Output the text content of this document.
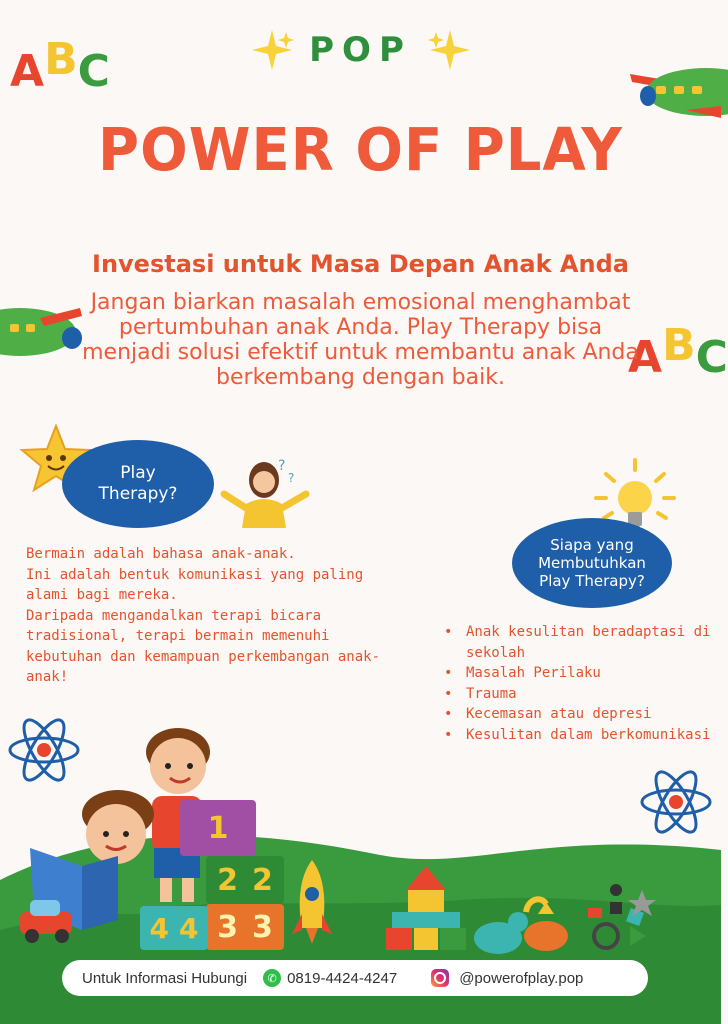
POP
POWER OF PLAY
ABC
ABC
Investasi untuk Masa Depan Anak Anda
Jangan biarkan masalah emosional menghambat pertumbuhan anak Anda. Play Therapy bisa menjadi solusi efektif untuk membantu anak Anda berkembang dengan baik.
Play
Therapy?
?
?
Siapa yang
Membutuhkan
Play Therapy?

Bermain adalah bahasa anak-anak.

Ini adalah bentuk komunikasi yang paling alami bagi mereka.

Daripada mengandalkan terapi bicara tradisional, terapi bermain memenuhi kebutuhan dan kemampuan perkembangan anak-anak!

• Anak kesulitan beradaptasi di sekolah
• Masalah Perilaku
• Trauma
• Kecemasan atau depresi
• Kesulitan dalam berkomunikasi
1
2 2
3 3
4 4
Untuk Informasi Hubungi	✆ 0819-4424-4247	@powerofplay.pop
